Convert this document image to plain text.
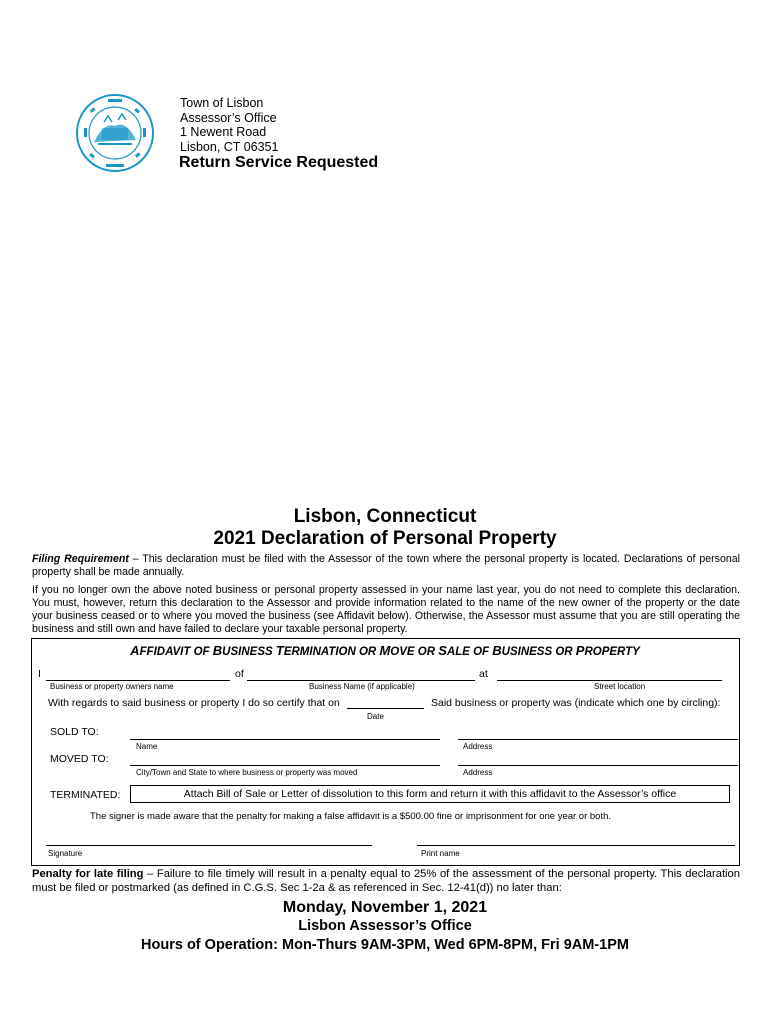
Town of Lisbon
Assessor’s Office
1 Newent Road
Lisbon, CT 06351
Return Service Requested
Lisbon, Connecticut
2021 Declaration of Personal Property
Filing Requirement – This declaration must be filed with the Assessor of the town where the personal property is located. Declarations of personal property shall be made annually.
If you no longer own the above noted business or personal property assessed in your name last year, you do not need to complete this declaration. You must, however, return this declaration to the Assessor and provide information related to the name of the new owner of the property or the date your business ceased or to where you moved the business (see Affidavit below). Otherwise, the Assessor must assume that you are still operating the business and still own and have failed to declare your taxable personal property.
AFFIDAVIT OF BUSINESS TERMINATION OR MOVE OR SALE OF BUSINESS OR PROPERTY
I	of	at
Business or property owners name	Business Name (if applicable)	Street location
With regards to said business or property I do so certify that on	Said business or property was (indicate which one by circling):
Date
SOLD TO:
Name	Address
MOVED TO:
City/Town and State to where business or property was moved	Address
TERMINATED:	Attach Bill of Sale or Letter of dissolution to this form and return it with this affidavit to the Assessor’s office
The signer is made aware that the penalty for making a false affidavit is a $500.00 fine or imprisonment for one year or both.
Signature	Print name
Penalty for late filing – Failure to file timely will result in a penalty equal to 25% of the assessment of the personal property. This declaration must be filed or postmarked (as defined in C.G.S. Sec 1-2a & as referenced in Sec. 12-41(d)) no later than:
Monday, November 1, 2021
Lisbon Assessor’s Office
Hours of Operation: Mon-Thurs 9AM-3PM, Wed 6PM-8PM, Fri 9AM-1PM
